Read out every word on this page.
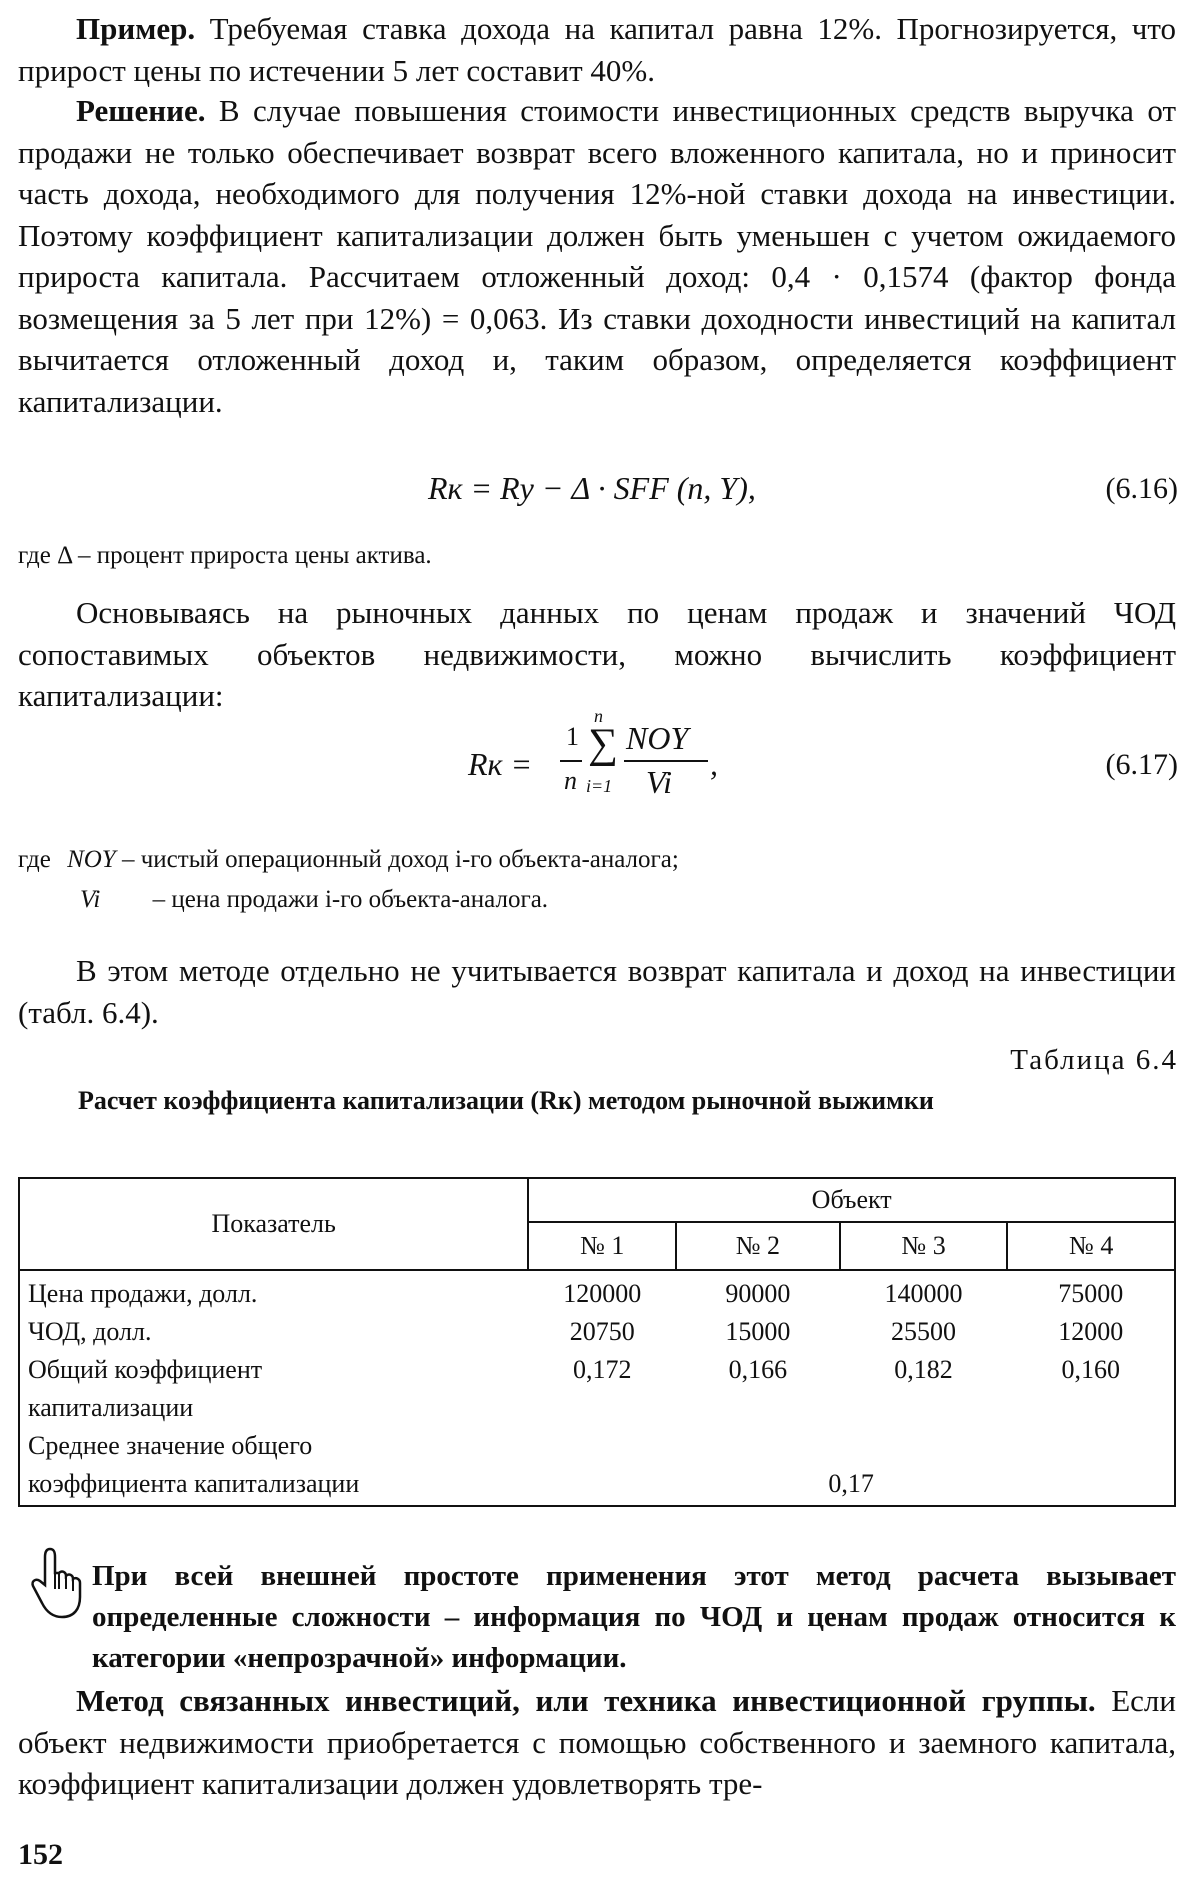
Пример. Требуемая ставка дохода на капитал равна 12%. Прогнозируется, что прирост цены по истечении 5 лет составит 40%.

Решение. В случае повышения стоимости инвестиционных средств выручка от продажи не только обеспечивает возврат всего вложенного капитала, но и приносит часть дохода, необходимого для получения 12%-ной ставки дохода на инвестиции. Поэтому коэффициент капитализации должен быть уменьшен с учетом ожидаемого прироста капитала. Рассчитаем отложенный доход: 0,4 · 0,1574 (фактор фонда возмещения за 5 лет при 12%) = 0,063. Из ставки доходности инвестиций на капитал вычитается отложенный доход и, таким образом, определяется коэффициент капитализации.

Rк = Rу − Δ · SFF (n, Y),	(6.16)
где Δ – процент прироста цены актива.

Основываясь на рыночных данных по ценам продаж и значений ЧОД сопоставимых объектов недвижимости, можно вычислить коэффициент капитализации:

Rк =
1
n
n
∑
i=1
NOY
Vi ,	(6.17)
где NOY – чистый операционный доход i-го объекта-аналога;
Vi – цена продажи i-го объекта-аналога.

В этом методе отдельно не учитывается возврат капитала и доход на инвестиции (табл. 6.4).

Таблица 6.4
Расчет коэффициента капитализации (Rк) методом рыночной выжимки
Показатель	Объект			
	№ 1	№ 2	№ 3	№ 4
Цена продажи, долл.	120000	90000	140000	75000
ЧОД, долл.	20750	15000	25500	12000
Общий коэффициент капитализации	0,172	0,166	0,182	0,160
Среднее значение общего коэффициента капитализации	0,17			

При всей внешней простоте применения этот метод расчета вызывает определенные сложности – информация по ЧОД и ценам продаж относится к категории «непрозрачной» информации.

Метод связанных инвестиций, или техника инвестиционной группы. Если объект недвижимости приобретается с помощью собственного и заемного капитала, коэффициент капитализации должен удовлетворять тре-

152
